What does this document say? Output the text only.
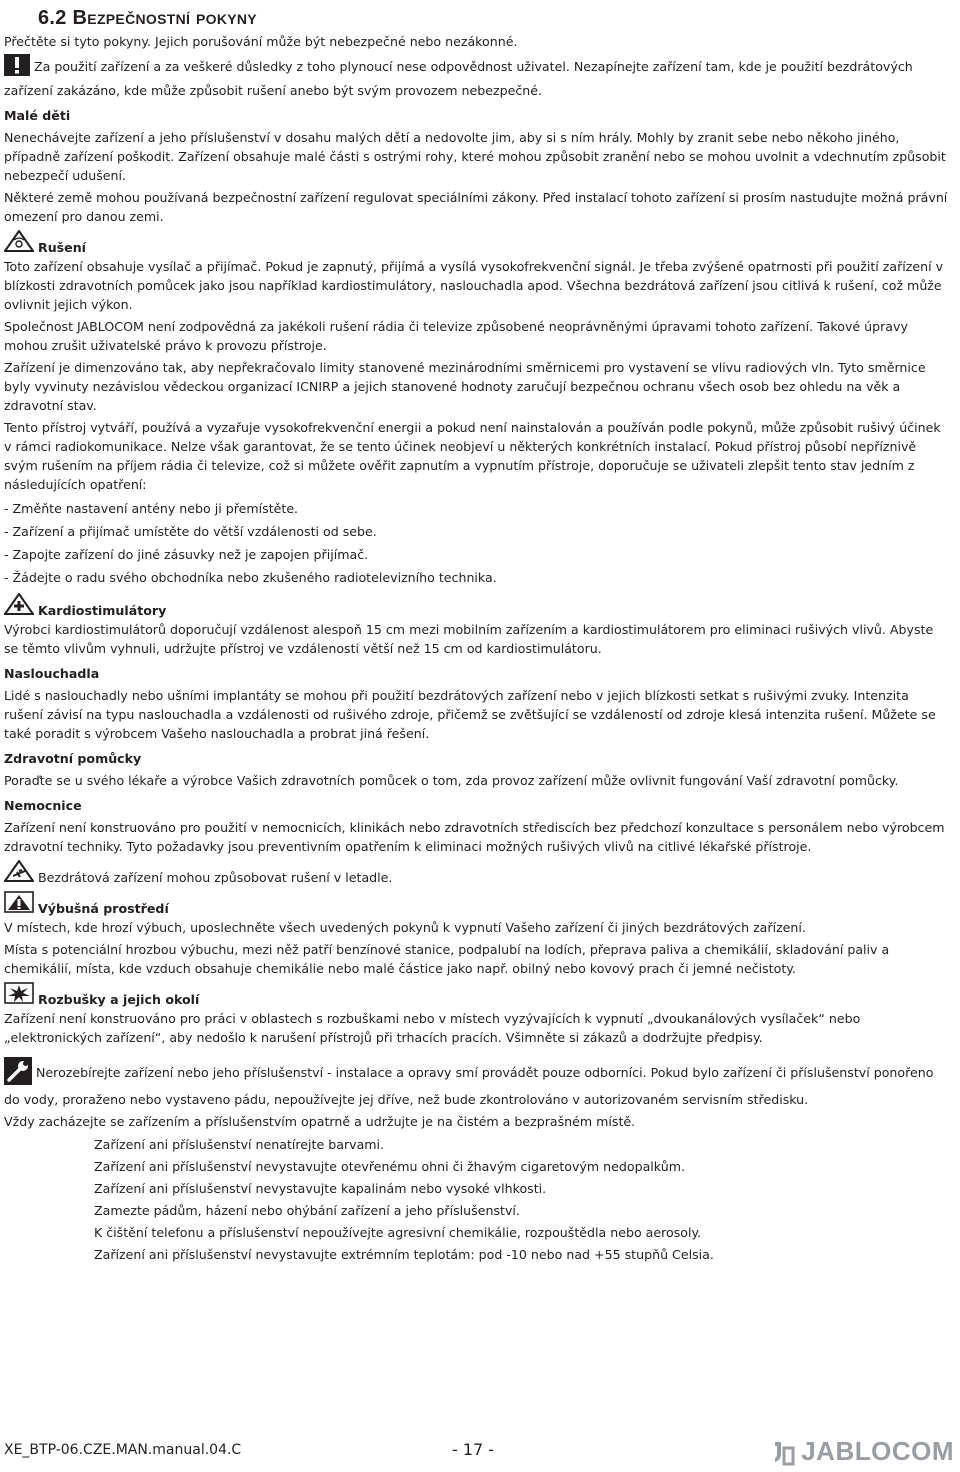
6.2 Bezpečnostní pokyny

Přečtěte si tyto pokyny. Jejich porušování může být nebezpečné nebo nezákonné.

Za použití zařízení a za veškeré důsledky z toho plynoucí nese odpovědnost uživatel. Nezapínejte zařízení tam, kde je použití bezdrátových zařízení zakázáno, kde může způsobit rušení anebo být svým provozem nebezpečné.

Malé děti

Nenechávejte zařízení a jeho příslušenství v dosahu malých dětí a nedovolte jim, aby si s ním hrály. Mohly by zranit sebe nebo někoho jiného, případně zařízení poškodit. Zařízení obsahuje malé části s ostrými rohy, které mohou způsobit zranění nebo se mohou uvolnit a vdechnutím způsobit nebezpečí udušení.

Některé země mohou používaná bezpečnostní zařízení regulovat speciálními zákony. Před instalací tohoto zařízení si prosím nastudujte možná právní omezení pro danou zemi.

Rušení

Toto zařízení obsahuje vysílač a přijímač. Pokud je zapnutý, přijímá a vysílá vysokofrekvenční signál. Je třeba zvýšené opatrnosti při použití zařízení v blízkosti zdravotních pomůcek jako jsou například kardiostimulátory, naslouchadla apod. Všechna bezdrátová zařízení jsou citlivá k rušení, což může ovlivnit jejich výkon.

Společnost JABLOCOM není zodpovědná za jakékoli rušení rádia či televize způsobené neoprávněnými úpravami tohoto zařízení. Takové úpravy mohou zrušit uživatelské právo k provozu přístroje.

Zařízení je dimenzováno tak, aby nepřekračovalo limity stanovené mezinárodními směrnicemi pro vystavení se vlivu radiových vln. Tyto směrnice byly vyvinuty nezávislou vědeckou organizací ICNIRP a jejich stanovené hodnoty zaručují bezpečnou ochranu všech osob bez ohledu na věk a zdravotní stav.

Tento přístroj vytváří, používá a vyzařuje vysokofrekvenční energii a pokud není nainstalován a používán podle pokynů, může způsobit rušivý účinek v rámci radiokomunikace. Nelze však garantovat, že se tento účinek neobjeví u některých konkrétních instalací. Pokud přístroj působí nepříznivě svým rušením na příjem rádia či televize, což si můžete ověřit zapnutím a vypnutím přístroje, doporučuje se uživateli zlepšit tento stav jedním z následujících opatření:

- Změňte nastavení antény nebo ji přemístěte.
- Zařízení a přijímač umístěte do větší vzdálenosti od sebe.
- Zapojte zařízení do jiné zásuvky než je zapojen přijímač.
- Žádejte o radu svého obchodníka nebo zkušeného radiotelevizního technika.
Kardiostimulátory

Výrobci kardiostimulátorů doporučují vzdálenost alespoň 15 cm mezi mobilním zařízením a kardiostimulátorem pro eliminaci rušivých vlivů. Abyste se těmto vlivům vyhnuli, udržujte přístroj ve vzdálenosti větší než 15 cm od kardiostimulátoru.

Naslouchadla

Lidé s naslouchadly nebo ušními implantáty se mohou při použití bezdrátových zařízení nebo v jejich blízkosti setkat s rušivými zvuky. Intenzita rušení závisí na typu naslouchadla a vzdálenosti od rušivého zdroje, přičemž se zvětšující se vzdáleností od zdroje klesá intenzita rušení. Můžete se také poradit s výrobcem Vašeho naslouchadla a probrat jiná řešení.

Zdravotní pomůcky

Poraďte se u svého lékaře a výrobce Vašich zdravotních pomůcek o tom, zda provoz zařízení může ovlivnit fungování Vaší zdravotní pomůcky.

Nemocnice

Zařízení není konstruováno pro použití v nemocnicích, klinikách nebo zdravotních střediscích bez předchozí konzultace s personálem nebo výrobcem zdravotní techniky. Tyto požadavky jsou preventivním opatřením k eliminaci možných rušivých vlivů na citlivé lékařské přístroje.

Bezdrátová zařízení mohou způsobovat rušení v letadle.
Výbušná prostředí

V místech, kde hrozí výbuch, uposlechněte všech uvedených pokynů k vypnutí Vašeho zařízení či jiných bezdrátových zařízení.

Místa s potenciální hrozbou výbuchu, mezi něž patří benzínové stanice, podpalubí na lodích, přeprava paliva a chemikálií, skladování paliv a chemikálií, místa, kde vzduch obsahuje chemikálie nebo malé částice jako např. obilný nebo kovový prach či jemné nečistoty.

Rozbušky a jejich okolí

Zařízení není konstruováno pro práci v oblastech s rozbuškami nebo v místech vyzývajících k vypnutí „dvoukanálových vysílaček“ nebo „elektronických zařízení“, aby nedošlo k narušení přístrojů při trhacích pracích. Všimněte si zákazů a dodržujte předpisy.

Nerozebírejte zařízení nebo jeho příslušenství - instalace a opravy smí provádět pouze odborníci. Pokud bylo zařízení či příslušenství ponořeno do vody, proraženo nebo vystaveno pádu, nepoužívejte jej dříve, než bude zkontrolováno v autorizovaném servisním středisku.

Vždy zacházejte se zařízením a příslušenstvím opatrně a udržujte je na čistém a bezprašném místě.

Zařízení ani příslušenství nenatírejte barvami.
Zařízení ani příslušenství nevystavujte otevřenému ohni či žhavým cigaretovým nedopalkům.
Zařízení ani příslušenství nevystavujte kapalinám nebo vysoké vlhkosti.
Zamezte pádům, házení nebo ohýbání zařízení a jeho příslušenství.
K čištění telefonu a příslušenství nepoužívejte agresivní chemikálie, rozpouštědla nebo aerosoly.
Zařízení ani příslušenství nevystavujte extrémním teplotám: pod -10 nebo nad +55 stupňů Celsia.
XE_BTP-06.CZE.MAN.manual.04.C	- 17 -	JABLOCOM
